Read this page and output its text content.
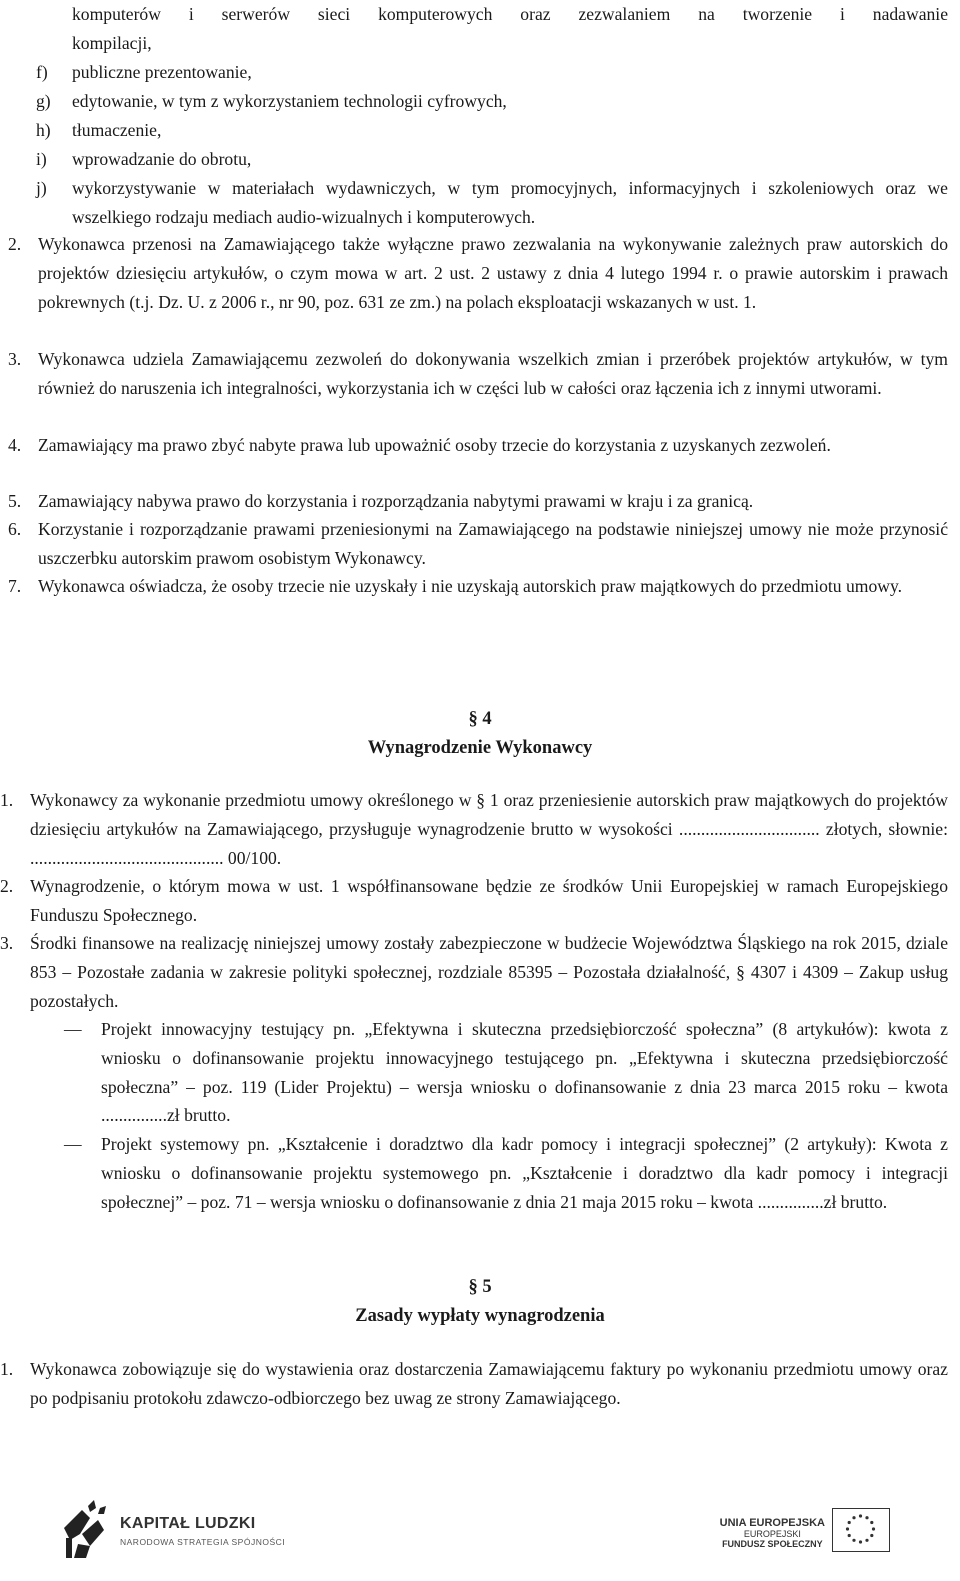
komputerów i serwerów sieci komputerowych oraz zezwalaniem na tworzenie i nadawanie
kompilacji,
f)	publiczne prezentowanie,
g)	edytowanie, w tym z wykorzystaniem technologii cyfrowych,
h)	tłumaczenie,
i)	wprowadzanie do obrotu,
j)	wykorzystywanie w materiałach wydawniczych, w tym promocyjnych, informacyjnych i szkoleniowych oraz we wszelkiego rodzaju mediach audio-wizualnych i komputerowych.
2. Wykonawca przenosi na Zamawiającego także wyłączne prawo zezwalania na wykonywanie zależnych praw autorskich do projektów dziesięciu artykułów, o czym mowa w art. 2 ust. 2 ustawy z dnia 4 lutego 1994 r. o prawie autorskim i prawach pokrewnych (t.j. Dz. U. z 2006 r., nr 90, poz. 631 ze zm.) na polach eksploatacji wskazanych w ust. 1.
3. Wykonawca udziela Zamawiającemu zezwoleń do dokonywania wszelkich zmian i przeróbek projektów artykułów, w tym również do naruszenia ich integralności, wykorzystania ich w części lub w całości oraz łączenia ich z innymi utworami.
4. Zamawiający ma prawo zbyć nabyte prawa lub upoważnić osoby trzecie do korzystania z uzyskanych zezwoleń.
5. Zamawiający nabywa prawo do korzystania i rozporządzania nabytymi prawami w kraju i za granicą.
6. Korzystanie i rozporządzanie prawami przeniesionymi na Zamawiającego na podstawie niniejszej umowy nie może przynosić uszczerbku autorskim prawom osobistym Wykonawcy.
7. Wykonawca oświadcza, że osoby trzecie nie uzyskały i nie uzyskają autorskich praw majątkowych do przedmiotu umowy.
§ 4
Wynagrodzenie Wykonawcy
1. Wykonawcy za wykonanie przedmiotu umowy określonego w § 1 oraz przeniesienie autorskich praw majątkowych do projektów dziesięciu artykułów na Zamawiającego, przysługuje wynagrodzenie brutto w wysokości ................................ złotych, słownie: ............................................ 00/100.
2. Wynagrodzenie, o którym mowa w ust. 1 współfinansowane będzie ze środków Unii Europejskiej w ramach Europejskiego Funduszu Społecznego.
3. Środki finansowe na realizację niniejszej umowy zostały zabezpieczone w budżecie Województwa Śląskiego na rok 2015, dziale 853 – Pozostałe zadania w zakresie polityki społecznej, rozdziale 85395 – Pozostała działalność, § 4307 i 4309 – Zakup usług pozostałych.
—	Projekt innowacyjny testujący pn. „Efektywna i skuteczna przedsiębiorczość społeczna” (8 artykułów): kwota z wniosku o dofinansowanie projektu innowacyjnego testującego pn. „Efektywna i skuteczna przedsiębiorczość społeczna” – poz. 119 (Lider Projektu) – wersja wniosku o dofinansowanie z dnia 23 marca 2015 roku – kwota ...............zł brutto.
—	Projekt systemowy pn. „Kształcenie i doradztwo dla kadr pomocy i integracji społecznej” (2 artykuły): Kwota z wniosku o dofinansowanie projektu systemowego pn. „Kształcenie i doradztwo dla kadr pomocy i integracji społecznej” – poz. 71 – wersja wniosku o dofinansowanie z dnia 21 maja 2015 roku – kwota ...............zł brutto.
§ 5
Zasady wypłaty wynagrodzenia
1. Wykonawca zobowiązuje się do wystawienia oraz dostarczenia Zamawiającemu faktury po wykonaniu przedmiotu umowy oraz po podpisaniu protokołu zdawczo-odbiorczego bez uwag ze strony Zamawiającego.
KAPITAŁ LUDZKI
NARODOWA STRATEGIA SPÓJNOŚCI
UNIA EUROPEJSKA
EUROPEJSKI
FUNDUSZ SPOŁECZNY
